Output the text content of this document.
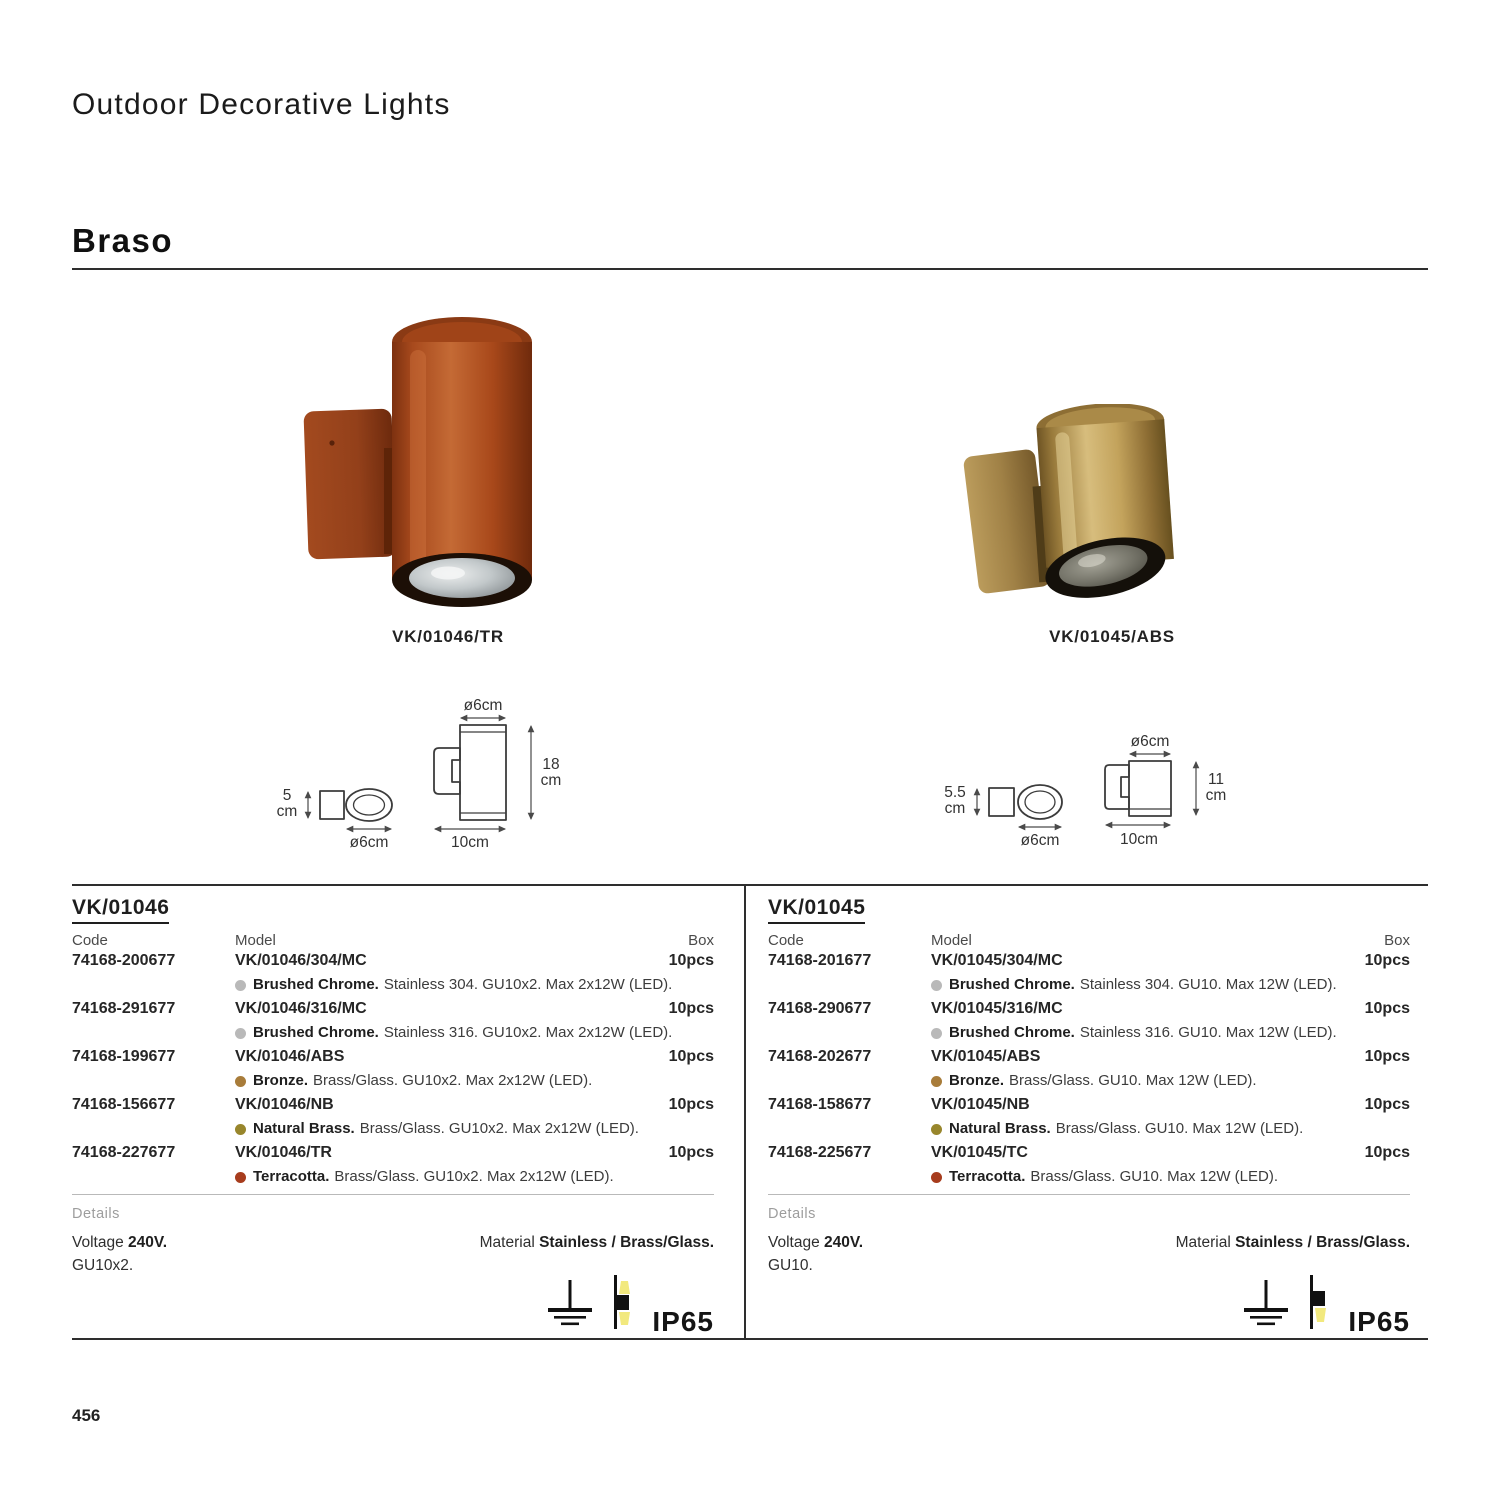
Outdoor Decorative Lights
Braso
VK/01046/TR	VK/01045/ABS
5
cm
ø6cm
ø6cm
18
cm
10cm
5.5
cm
ø6cm
ø6cm
11
cm
10cm
VK/01046
Code	Model	Box
74168-200677	VK/01046/304/MC	10pcs
Brushed Chrome. Stainless 304. GU10x2. Max 2x12W (LED).
74168-291677	VK/01046/316/MC	10pcs
Brushed Chrome. Stainless 316. GU10x2. Max 2x12W (LED).
74168-199677	VK/01046/ABS	10pcs
Bronze. Brass/Glass. GU10x2. Max 2x12W (LED).
74168-156677	VK/01046/NB	10pcs
Natural Brass. Brass/Glass. GU10x2. Max 2x12W (LED).
74168-227677	VK/01046/TR	10pcs
Terracotta. Brass/Glass. GU10x2. Max 2x12W (LED).
Details
Voltage 240V.
GU10x2.
Material Stainless / Brass/Glass.
IP65
VK/01045
Code	Model	Box
74168-201677	VK/01045/304/MC	10pcs
Brushed Chrome. Stainless 304. GU10. Max 12W (LED).
74168-290677	VK/01045/316/MC	10pcs
Brushed Chrome. Stainless 316. GU10. Max 12W (LED).
74168-202677	VK/01045/ABS	10pcs
Bronze. Brass/Glass. GU10. Max 12W (LED).
74168-158677	VK/01045/NB	10pcs
Natural Brass. Brass/Glass. GU10. Max 12W (LED).
74168-225677	VK/01045/TC	10pcs
Terracotta. Brass/Glass. GU10. Max 12W (LED).
Details
Voltage 240V.
GU10.
Material Stainless / Brass/Glass.
IP65
456
